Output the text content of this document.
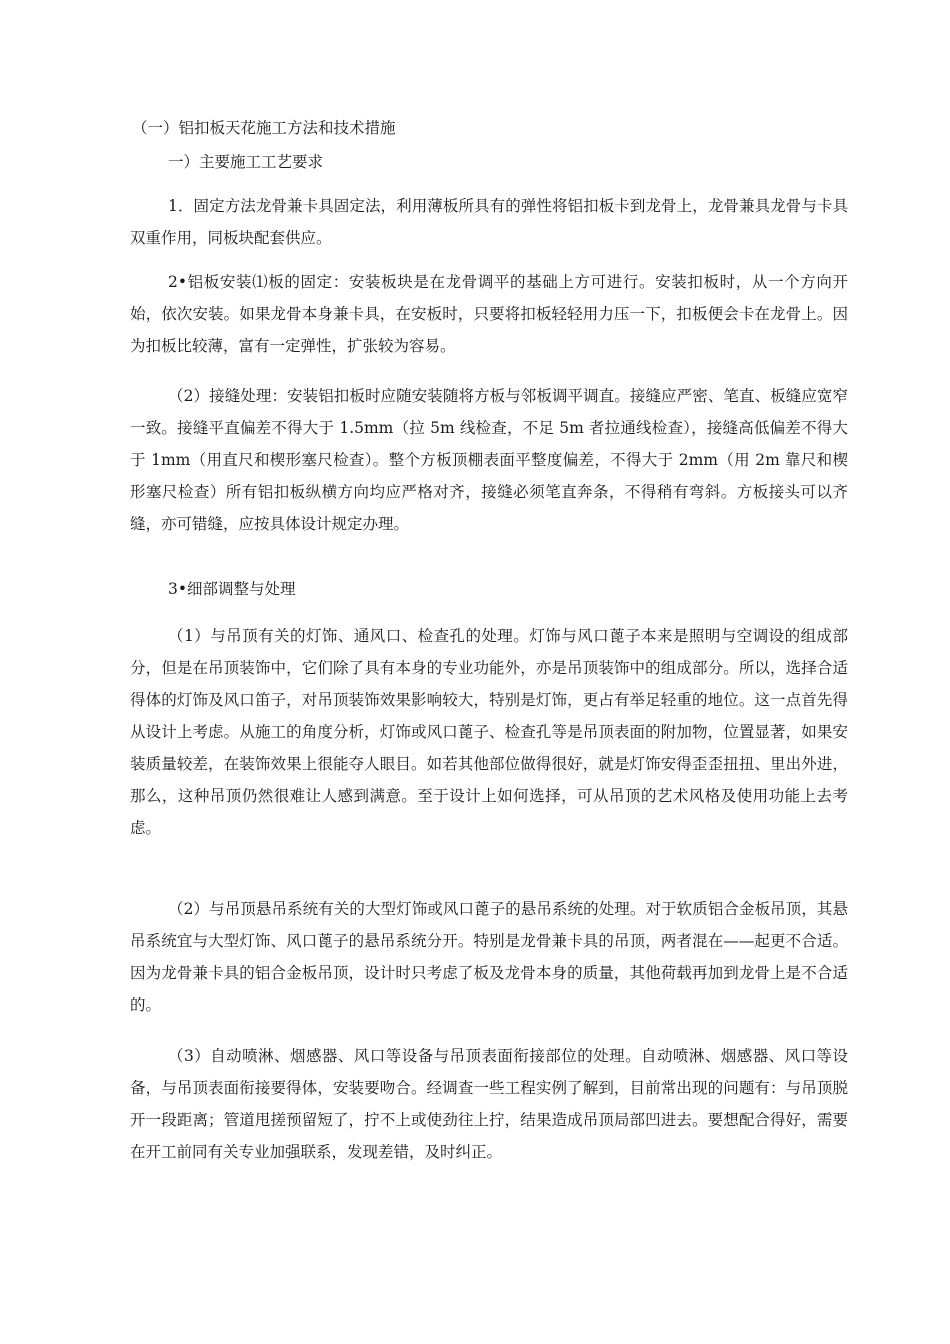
（一）铝扣板天花施工方法和技术措施

一）主要施工工艺要求

1．固定方法龙骨兼卡具固定法，利用薄板所具有的弹性将铝扣板卡到龙骨上，龙骨兼具龙骨与卡具双重作用，同板块配套供应。

2•铝板安装⑴板的固定：安装板块是在龙骨调平的基础上方可进行。安装扣板时，从一个方向开始，依次安装。如果龙骨本身兼卡具，在安板时，只要将扣板轻轻用力压一下，扣板便会卡在龙骨上。因为扣板比较薄，富有一定弹性，扩张较为容易。

（2）接缝处理：安装铝扣板时应随安装随将方板与邻板调平调直。接缝应严密、笔直、板缝应宽窄一致。接缝平直偏差不得大于 1.5mm（拉 5m 线检查，不足 5m 者拉通线检查），接缝高低偏差不得大于 1mm（用直尺和楔形塞尺检查）。整个方板顶棚表面平整度偏差，不得大于 2mm（用 2m 靠尺和楔形塞尺检查）所有铝扣板纵横方向均应严格对齐，接缝必须笔直奔条，不得稍有弯斜。方板接头可以齐缝，亦可错缝，应按具体设计规定办理。

3•细部调整与处理

（1）与吊顶有关的灯饰、通风口、检查孔的处理。灯饰与风口蓖子本来是照明与空调设的组成部分，但是在吊顶装饰中，它们除了具有本身的专业功能外，亦是吊顶装饰中的组成部分。所以，选择合适得体的灯饰及风口笛子，对吊顶装饰效果影响较大，特别是灯饰，更占有举足轻重的地位。这一点首先得从设计上考虑。从施工的角度分析，灯饰或风口蓖子、检查孔等是吊顶表面的附加物，位置显著，如果安装质量较差，在装饰效果上很能夺人眼目。如若其他部位做得很好，就是灯饰安得歪歪扭扭、里出外进，那么，这种吊顶仍然很难让人感到满意。至于设计上如何选择，可从吊顶的艺术风格及使用功能上去考虑。

（2）与吊顶悬吊系统有关的大型灯饰或风口蓖子的悬吊系统的处理。对于软质铝合金板吊顶，其悬吊系统宜与大型灯饰、风口蓖子的悬吊系统分开。特别是龙骨兼卡具的吊顶，两者混在——起更不合适。因为龙骨兼卡具的铝合金板吊顶，设计时只考虑了板及龙骨本身的质量，其他荷载再加到龙骨上是不合适的。

（3）自动喷淋、烟感器、风口等设备与吊顶表面衔接部位的处理。自动喷淋、烟感器、风口等设备，与吊顶表面衔接要得体，安装要吻合。经调查一些工程实例了解到，目前常出现的问题有：与吊顶脱开一段距离；管道甩搓预留短了，拧不上或使劲往上拧，结果造成吊顶局部凹进去。要想配合得好，需要在开工前同有关专业加强联系，发现差错，及时纠正。
